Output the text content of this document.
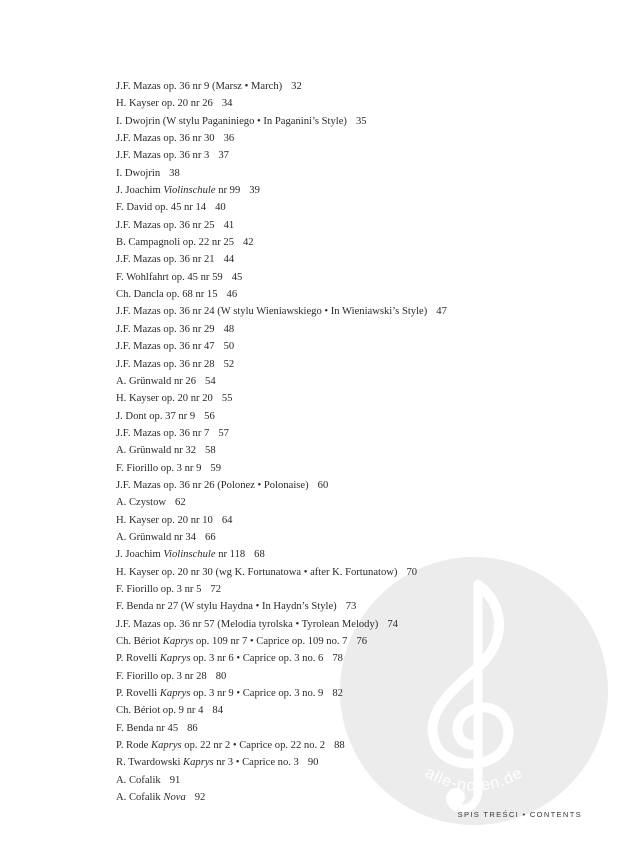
alle-noten.de
J.F. Mazas op. 36 nr 9 (Marsz • March) 32
H. Kayser op. 20 nr 26 34
I. Dwojrin (W stylu Paganiniego • In Paganini’s Style) 35
J.F. Mazas op. 36 nr 30 36
J.F. Mazas op. 36 nr 3 37
I. Dwojrin 38
J. Joachim Violinschule nr 99 39
F. David op. 45 nr 14 40
J.F. Mazas op. 36 nr 25 41
B. Campagnoli op. 22 nr 25 42
J.F. Mazas op. 36 nr 21 44
F. Wohlfahrt op. 45 nr 59 45
Ch. Dancla op. 68 nr 15 46
J.F. Mazas op. 36 nr 24 (W stylu Wieniawskiego • In Wieniawski’s Style) 47
J.F. Mazas op. 36 nr 29 48
J.F. Mazas op. 36 nr 47 50
J.F. Mazas op. 36 nr 28 52
A. Grünwald nr 26 54
H. Kayser op. 20 nr 20 55
J. Dont op. 37 nr 9 56
J.F. Mazas op. 36 nr 7 57
A. Grünwald nr 32 58
F. Fiorillo op. 3 nr 9 59
J.F. Mazas op. 36 nr 26 (Polonez • Polonaise) 60
A. Czystow 62
H. Kayser op. 20 nr 10 64
A. Grünwald nr 34 66
J. Joachim Violinschule nr 118 68
H. Kayser op. 20 nr 30 (wg K. Fortunatowa • after K. Fortunatow) 70
F. Fiorillo op. 3 nr 5 72
F. Benda nr 27 (W stylu Haydna • In Haydn’s Style) 73
J.F. Mazas op. 36 nr 57 (Melodia tyrolska • Tyrolean Melody) 74
Ch. Bériot Kaprys op. 109 nr 7 • Caprice op. 109 no. 7 76
P. Rovelli Kaprys op. 3 nr 6 • Caprice op. 3 no. 6 78
F. Fiorillo op. 3 nr 28 80
P. Rovelli Kaprys op. 3 nr 9 • Caprice op. 3 no. 9 82
Ch. Bériot op. 9 nr 4 84
F. Benda nr 45 86
P. Rode Kaprys op. 22 nr 2 • Caprice op. 22 no. 2 88
R. Twardowski Kaprys nr 3 • Caprice no. 3 90
A. Cofalik 91
A. Cofalik Nova 92
SPIS TREŚCI • CONTENTS
